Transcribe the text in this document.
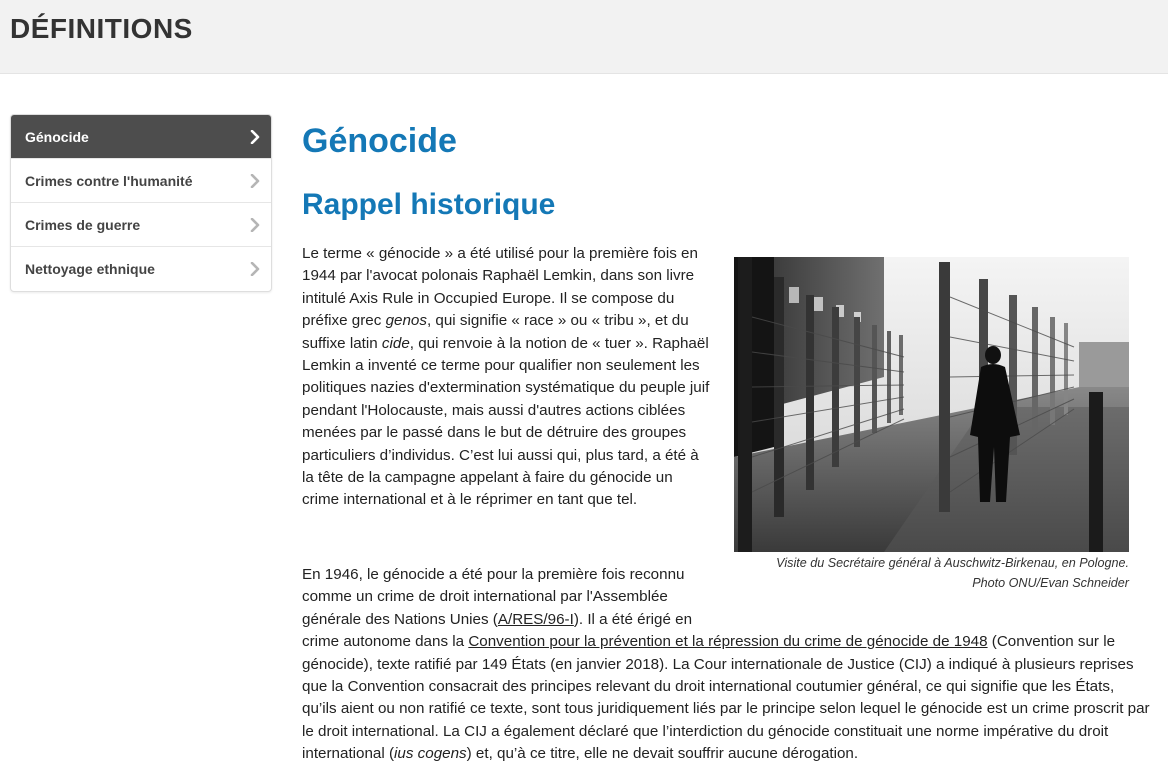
DÉFINITIONS
Génocide
Crimes contre l'humanité
Crimes de guerre
Nettoyage ethnique
Génocide
Rappel historique

Le terme « génocide » a été utilisé pour la première fois en 1944 par l'avocat polonais Raphaël Lemkin, dans son livre intitulé Axis Rule in Occupied Europe. Il se compose du préfixe grec genos, qui signifie « race » ou « tribu », et du suffixe latin cide, qui renvoie à la notion de « tuer ». Raphaël Lemkin a inventé ce terme pour qualifier non seulement les politiques nazies d'extermination systématique du peuple juif pendant l'Holocauste, mais aussi d'autres actions ciblées menées par le passé dans le but de détruire des groupes particuliers d’individus. C’est lui aussi qui, plus tard, a été à la tête de la campagne appelant à faire du génocide un crime international et à le réprimer en tant que tel.

Visite du Secrétaire général à Auschwitz-Birkenau, en Pologne.
Photo ONU/Evan Schneider

En 1946, le génocide a été pour la première fois reconnu comme un crime de droit international par l'Assemblée générale des Nations Unies (A/RES/96-I). Il a été érigé en crime autonome dans la Convention pour la prévention et la répression du crime de génocide de 1948 (Convention sur le génocide), texte ratifié par 149 États (en janvier 2018). La Cour internationale de Justice (CIJ) a indiqué à plusieurs reprises que la Convention consacrait des principes relevant du droit international coutumier général, ce qui signifie que les États, qu’ils aient ou non ratifié ce texte, sont tous juridiquement liés par le principe selon lequel le génocide est un crime proscrit par le droit international. La CIJ a également déclaré que l’interdiction du génocide constituait une norme impérative du droit international (ius cogens) et, qu’à ce titre, elle ne devait souffrir aucune dérogation.
